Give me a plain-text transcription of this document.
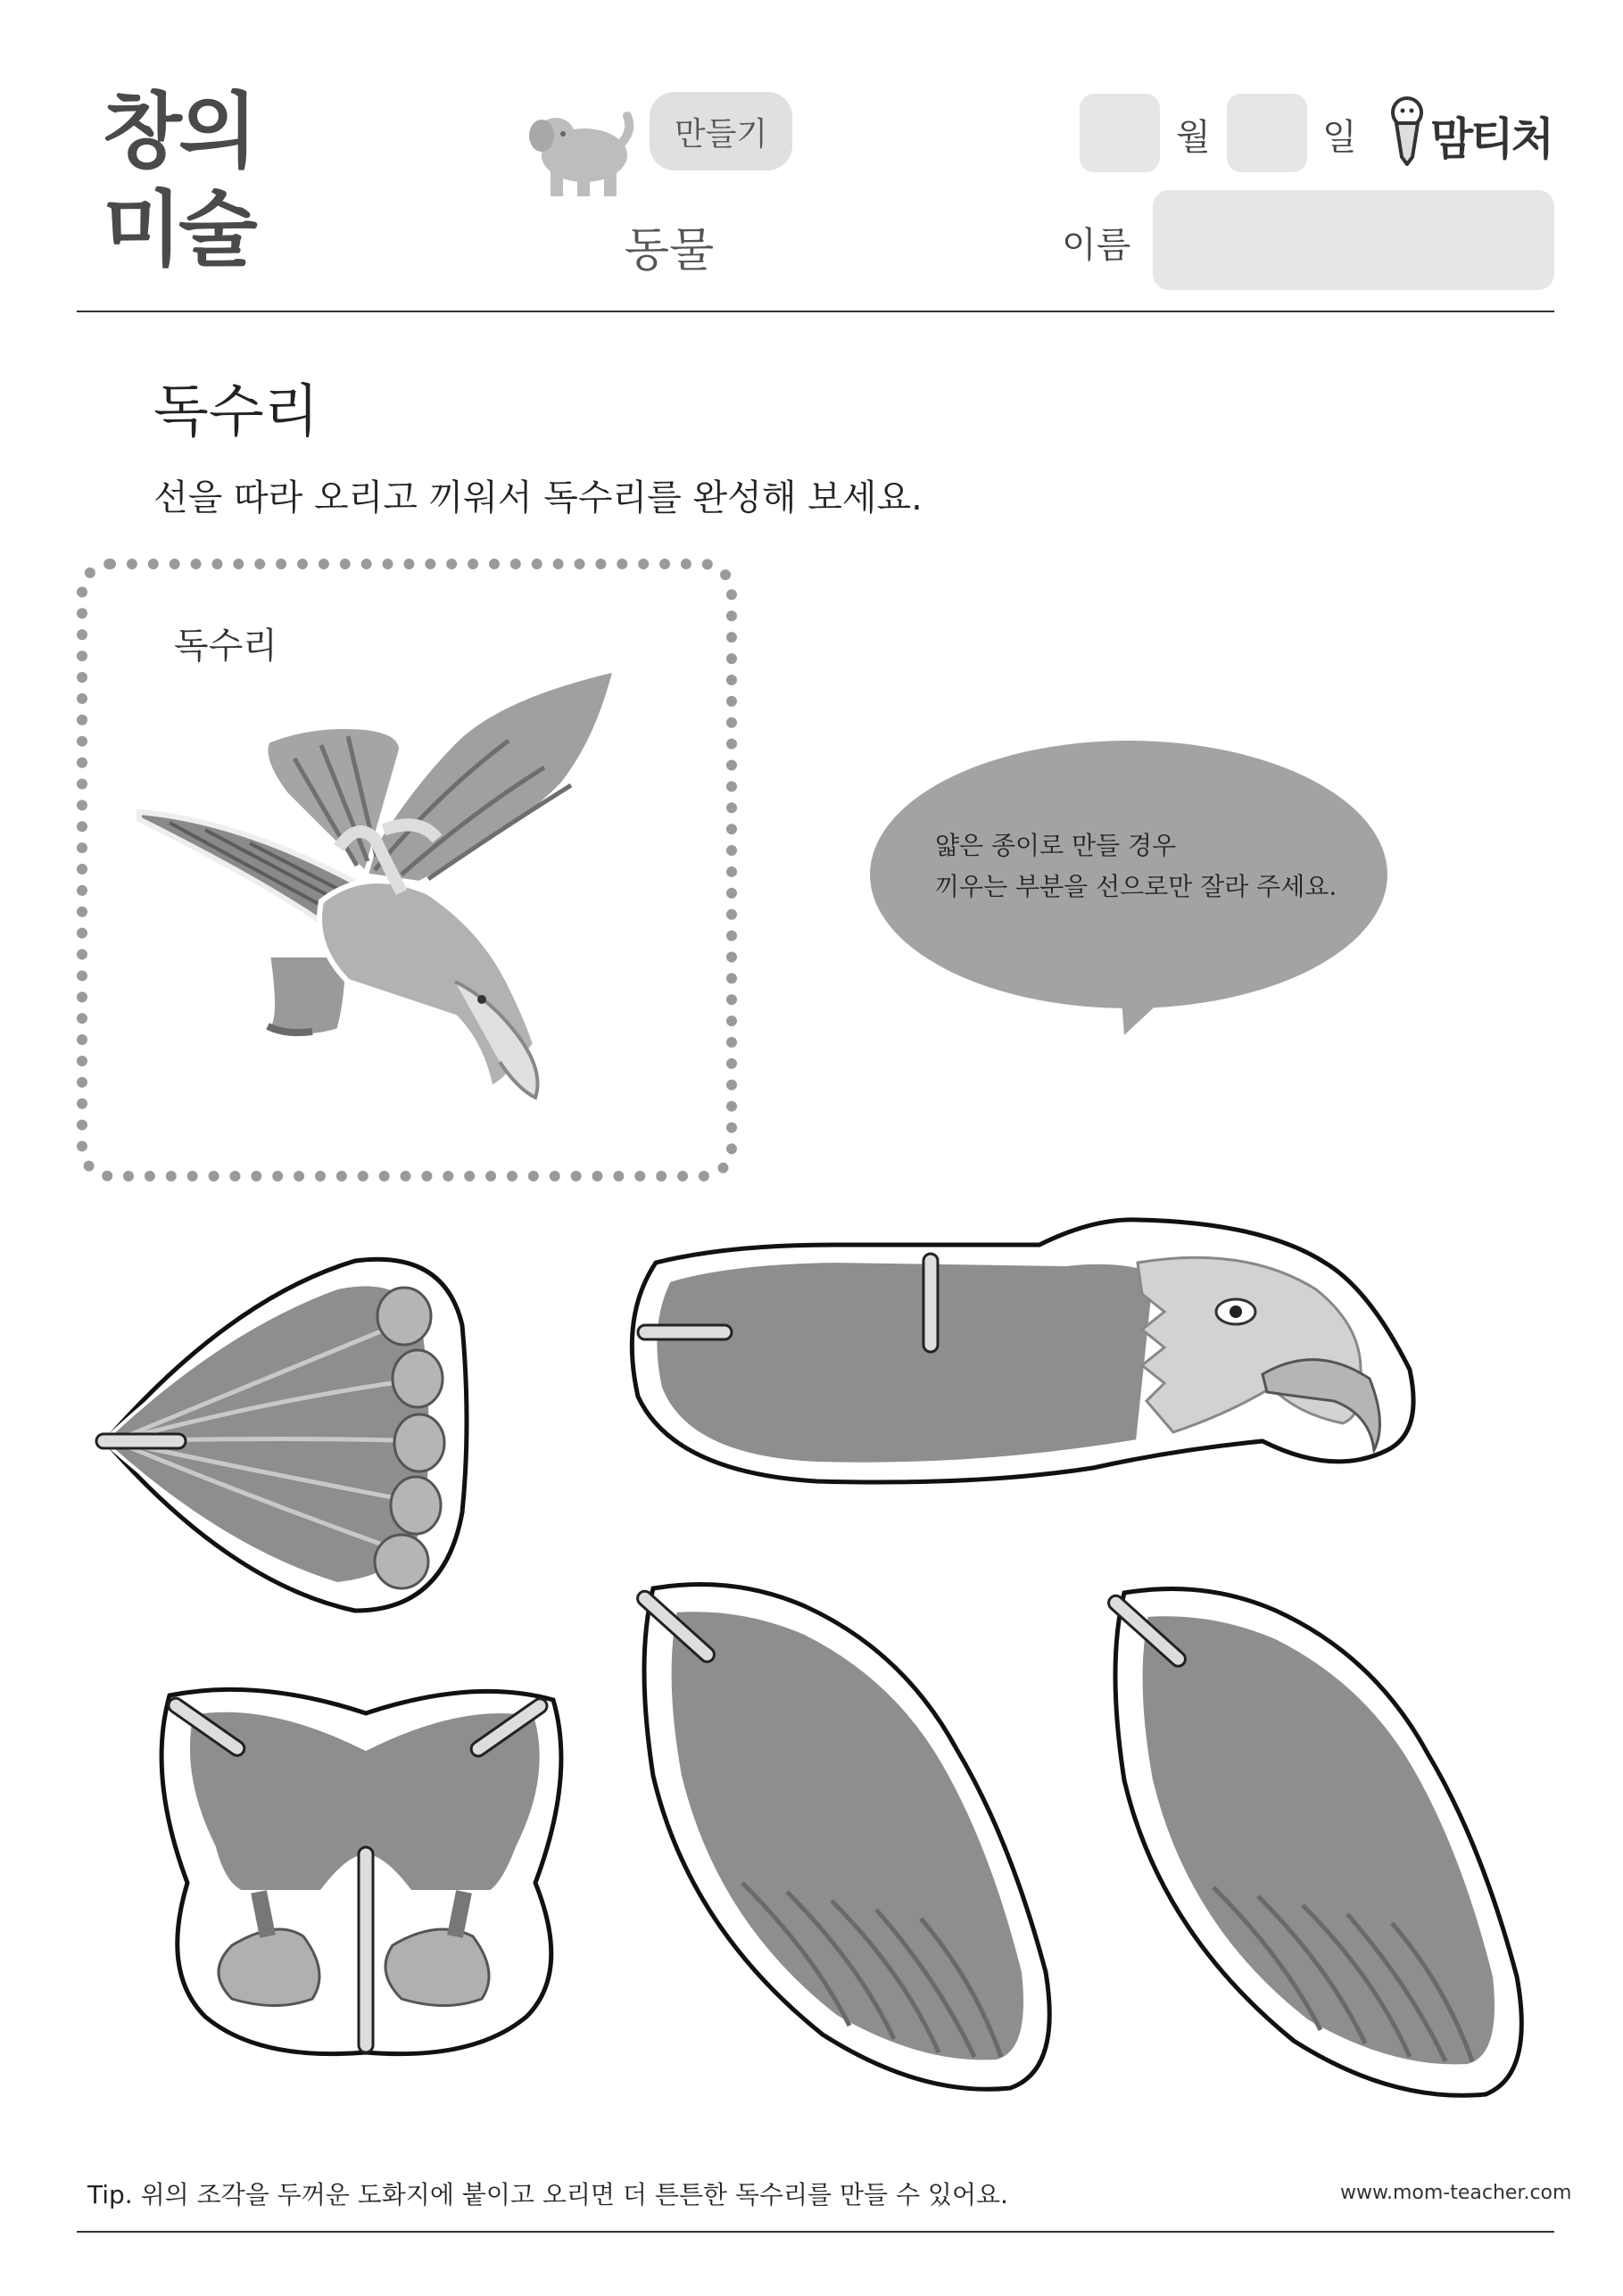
창의
미술
만들기
동물
월	일 맘티처
이름
독수리
선을 따라 오리고 끼워서 독수리를 완성해 보세요.
독수리
얇은 종이로 만들 경우
끼우는 부분을 선으로만 잘라 주세요.
Tip. 위의 조각을 두꺼운 도화지에 붙이고 오리면 더 튼튼한 독수리를 만들 수 있어요.	www.mom-teacher.com
